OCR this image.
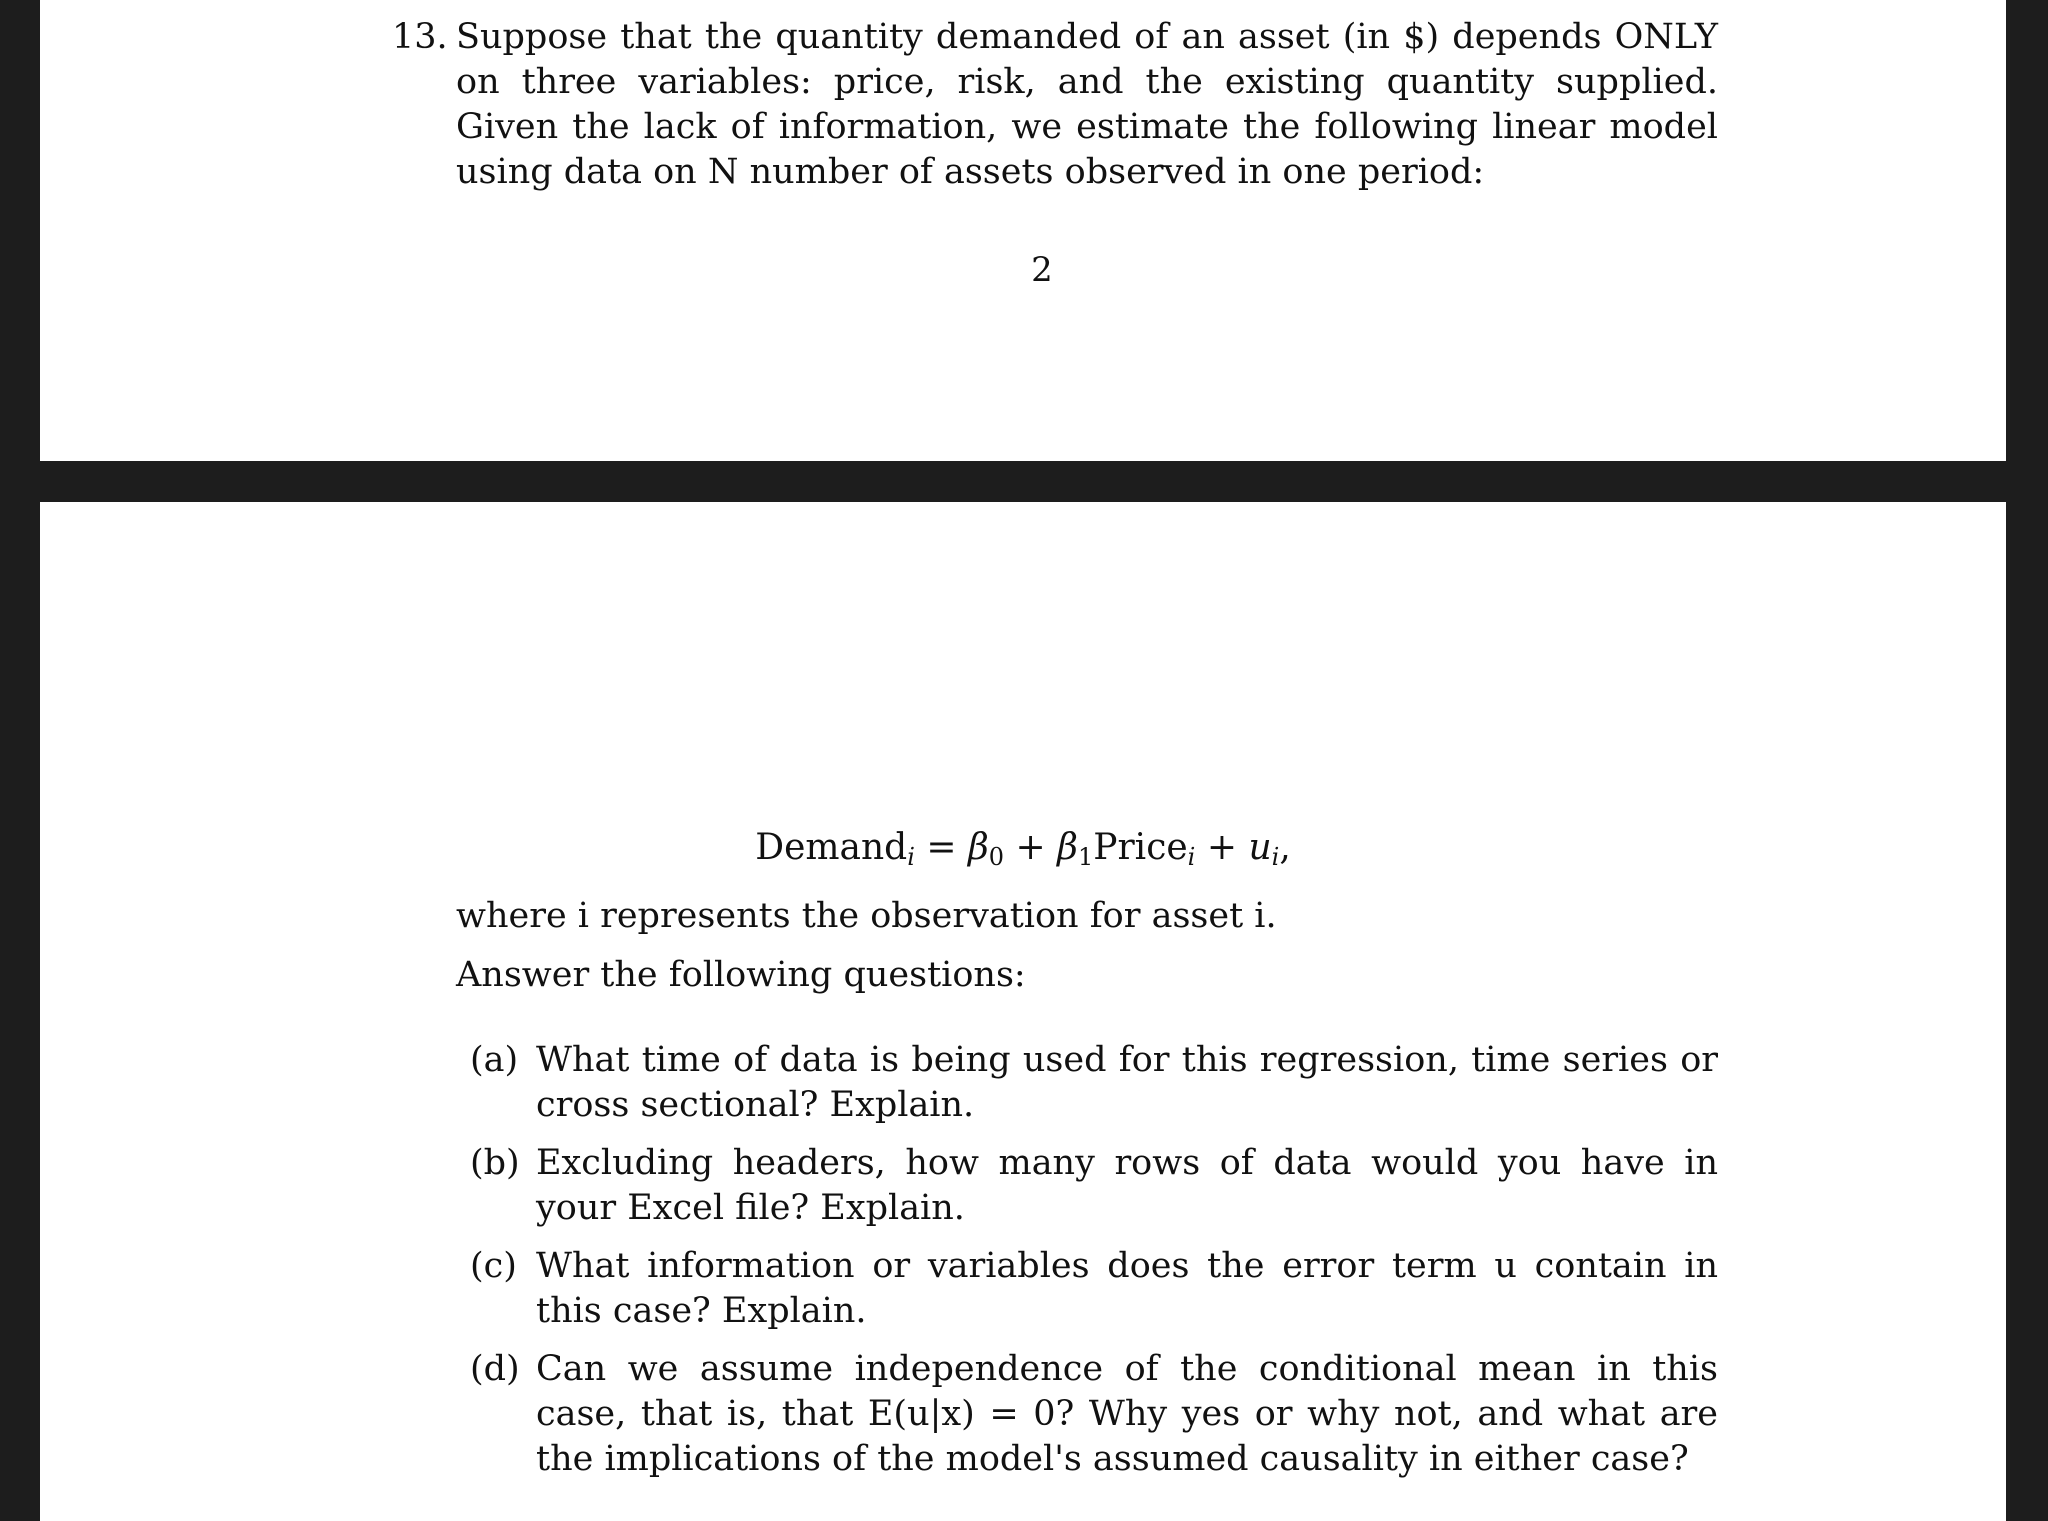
13. Suppose that the quantity demanded of an asset (in $) depends ONLY on three variables: price, risk, and the existing quantity supplied. Given the lack of information, we estimate the following linear model using data on N number of assets observed in one period:
2
Demand$_i$ = $\beta_0$ + $\beta_1Price_i + u_i$,
where i represents the observation for asset i.
Answer the following questions:
(a) What time of data is being used for this regression, time series or cross sectional? Explain.
(b) Excluding headers, how many rows of data would you have in your Excel file? Explain.
(c) What information or variables does the error term u contain in this case? Explain.
(d) Can we assume independence of the conditional mean in this case, that is, that E(u|x) = 0? Why yes or why not, and what are the implications of the model's assumed causality in either case?
